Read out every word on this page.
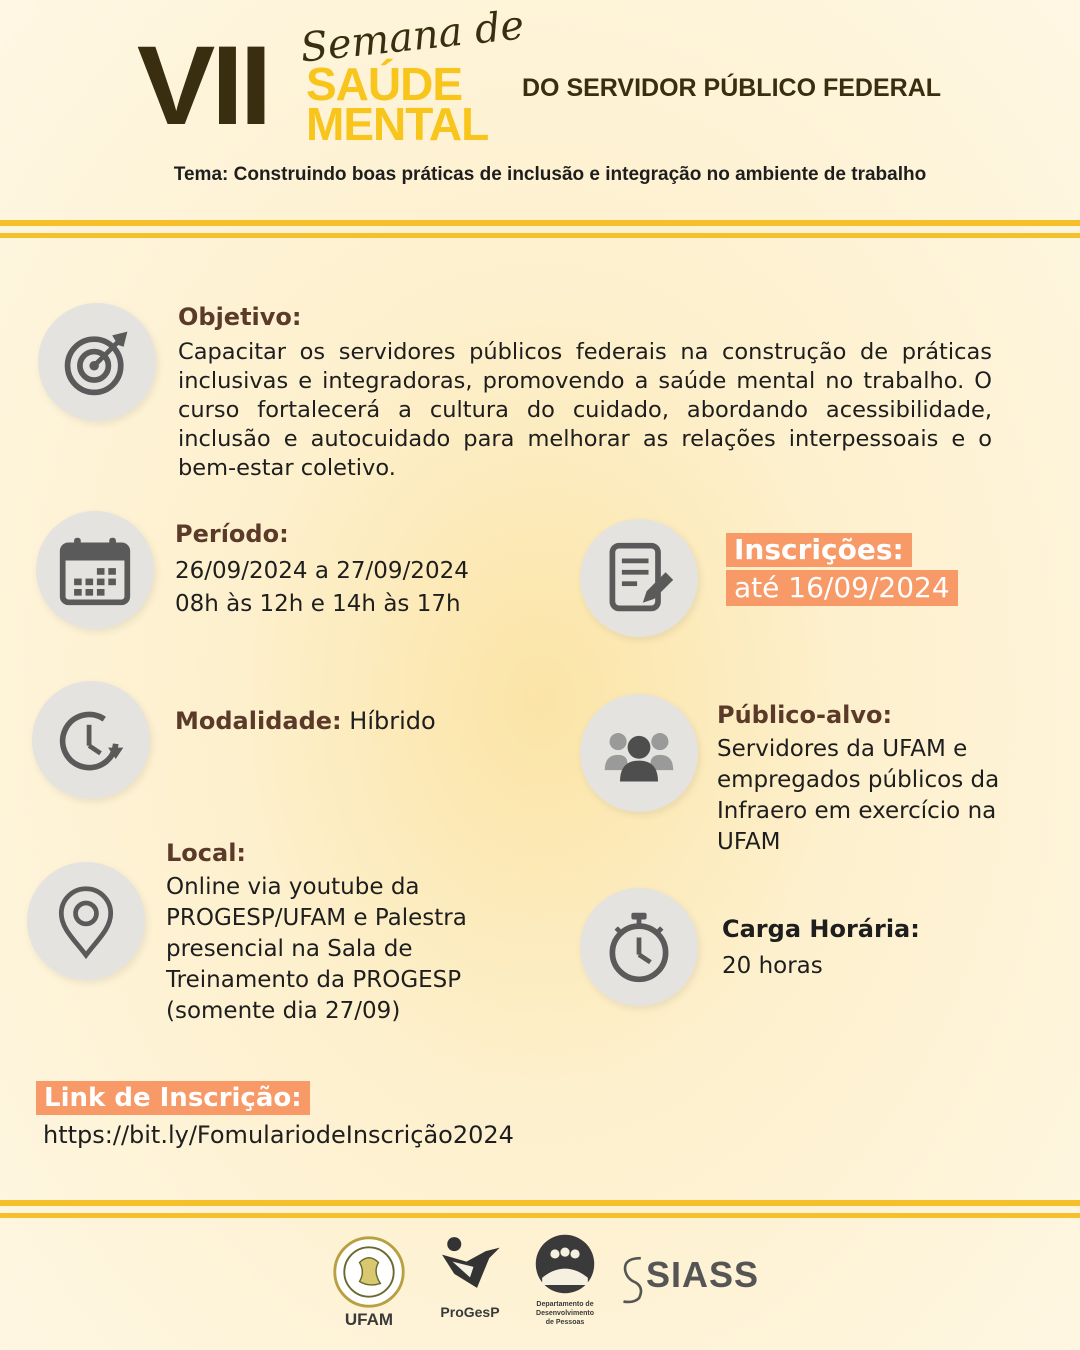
VII Semana de
SAÚDE
MENTAL
DO SERVIDOR PÚBLICO FEDERAL
Tema: Construindo boas práticas de inclusão e integração no ambiente de trabalho
Objetivo:
Capacitar os servidores públicos federais na construção de práticas inclusivas e integradoras, promovendo a saúde mental no trabalho. O curso fortalecerá a cultura do cuidado, abordando acessibilidade, inclusão e autocuidado para melhorar as relações interpessoais e o bem-estar coletivo.
Período:
26/09/2024 a 27/09/2024
08h às 12h e 14h às 17h
Inscrições:
até 16/09/2024
Modalidade: Híbrido	Público-alvo:
Servidores da UFAM e
empregados públicos da
Infraero em exercício na
UFAM
Local:
Online via youtube da
PROGESP/UFAM e Palestra
presencial na Sala de
Treinamento da PROGESP
(somente dia 27/09)
Carga Horária:
20 horas
Link de Inscrição:
https://bit.ly/FomulariodeInscrição2024
UFAM	ProGesP	Departamento de
Desenvolvimento
de Pessoas
SIASS
